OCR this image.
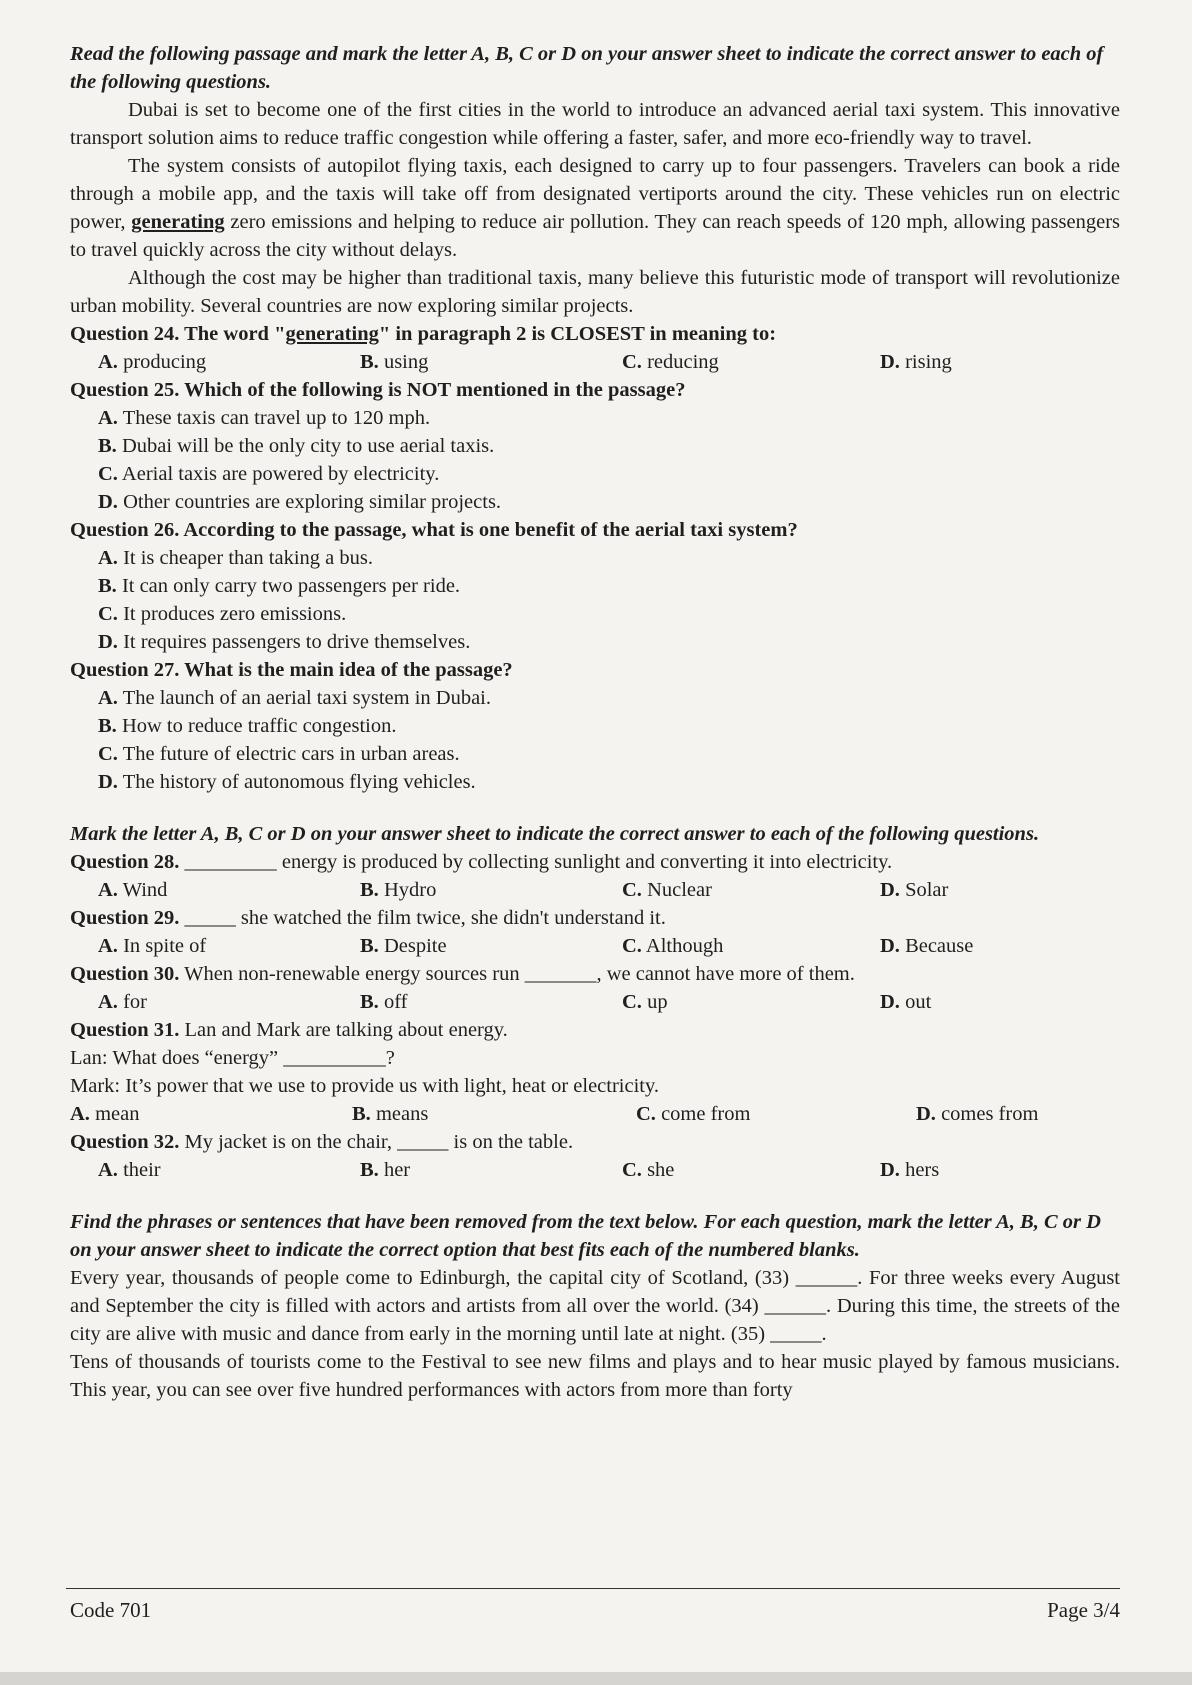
Read the following passage and mark the letter A, B, C or D on your answer sheet to indicate the correct answer to each of the following questions.

Dubai is set to become one of the first cities in the world to introduce an advanced aerial taxi system. This innovative transport solution aims to reduce traffic congestion while offering a faster, safer, and more eco-friendly way to travel.

The system consists of autopilot flying taxis, each designed to carry up to four passengers. Travelers can book a ride through a mobile app, and the taxis will take off from designated vertiports around the city. These vehicles run on electric power, generating zero emissions and helping to reduce air pollution. They can reach speeds of 120 mph, allowing passengers to travel quickly across the city without delays.

Although the cost may be higher than traditional taxis, many believe this futuristic mode of transport will revolutionize urban mobility. Several countries are now exploring similar projects.

Question 24. The word "generating" in paragraph 2 is CLOSEST in meaning to:

A. producing	B. using	C. reducing	D. rising

Question 25. Which of the following is NOT mentioned in the passage?

A. These taxis can travel up to 120 mph.
B. Dubai will be the only city to use aerial taxis.
C. Aerial taxis are powered by electricity.
D. Other countries are exploring similar projects.

Question 26. According to the passage, what is one benefit of the aerial taxi system?

A. It is cheaper than taking a bus.
B. It can only carry two passengers per ride.
C. It produces zero emissions.
D. It requires passengers to drive themselves.

Question 27. What is the main idea of the passage?

A. The launch of an aerial taxi system in Dubai.
B. How to reduce traffic congestion.
C. The future of electric cars in urban areas.
D. The history of autonomous flying vehicles.

Mark the letter A, B, C or D on your answer sheet to indicate the correct answer to each of the following questions.

Question 28. _________ energy is produced by collecting sunlight and converting it into electricity.

A. Wind	B. Hydro	C. Nuclear	D. Solar

Question 29. _____ she watched the film twice, she didn't understand it.

A. In spite of	B. Despite	C. Although	D. Because

Question 30. When non-renewable energy sources run _______, we cannot have more of them.

A. for	B. off	C. up	D. out

Question 31. Lan and Mark are talking about energy.

Lan: What does “energy” __________?

Mark: It’s power that we use to provide us with light, heat or electricity.

A. mean	B. means	C. come from	D. comes from

Question 32. My jacket is on the chair, _____ is on the table.

A. their	B. her	C. she	D. hers

Find the phrases or sentences that have been removed from the text below. For each question, mark the letter A, B, C or D on your answer sheet to indicate the correct option that best fits each of the numbered blanks.

Every year, thousands of people come to Edinburgh, the capital city of Scotland, (33) ______. For three weeks every August and September the city is filled with actors and artists from all over the world. (34) ______. During this time, the streets of the city are alive with music and dance from early in the morning until late at night. (35) _____.

Tens of thousands of tourists come to the Festival to see new films and plays and to hear music played by famous musicians. This year, you can see over five hundred performances with actors from more than forty

Code 701	Page 3/4
